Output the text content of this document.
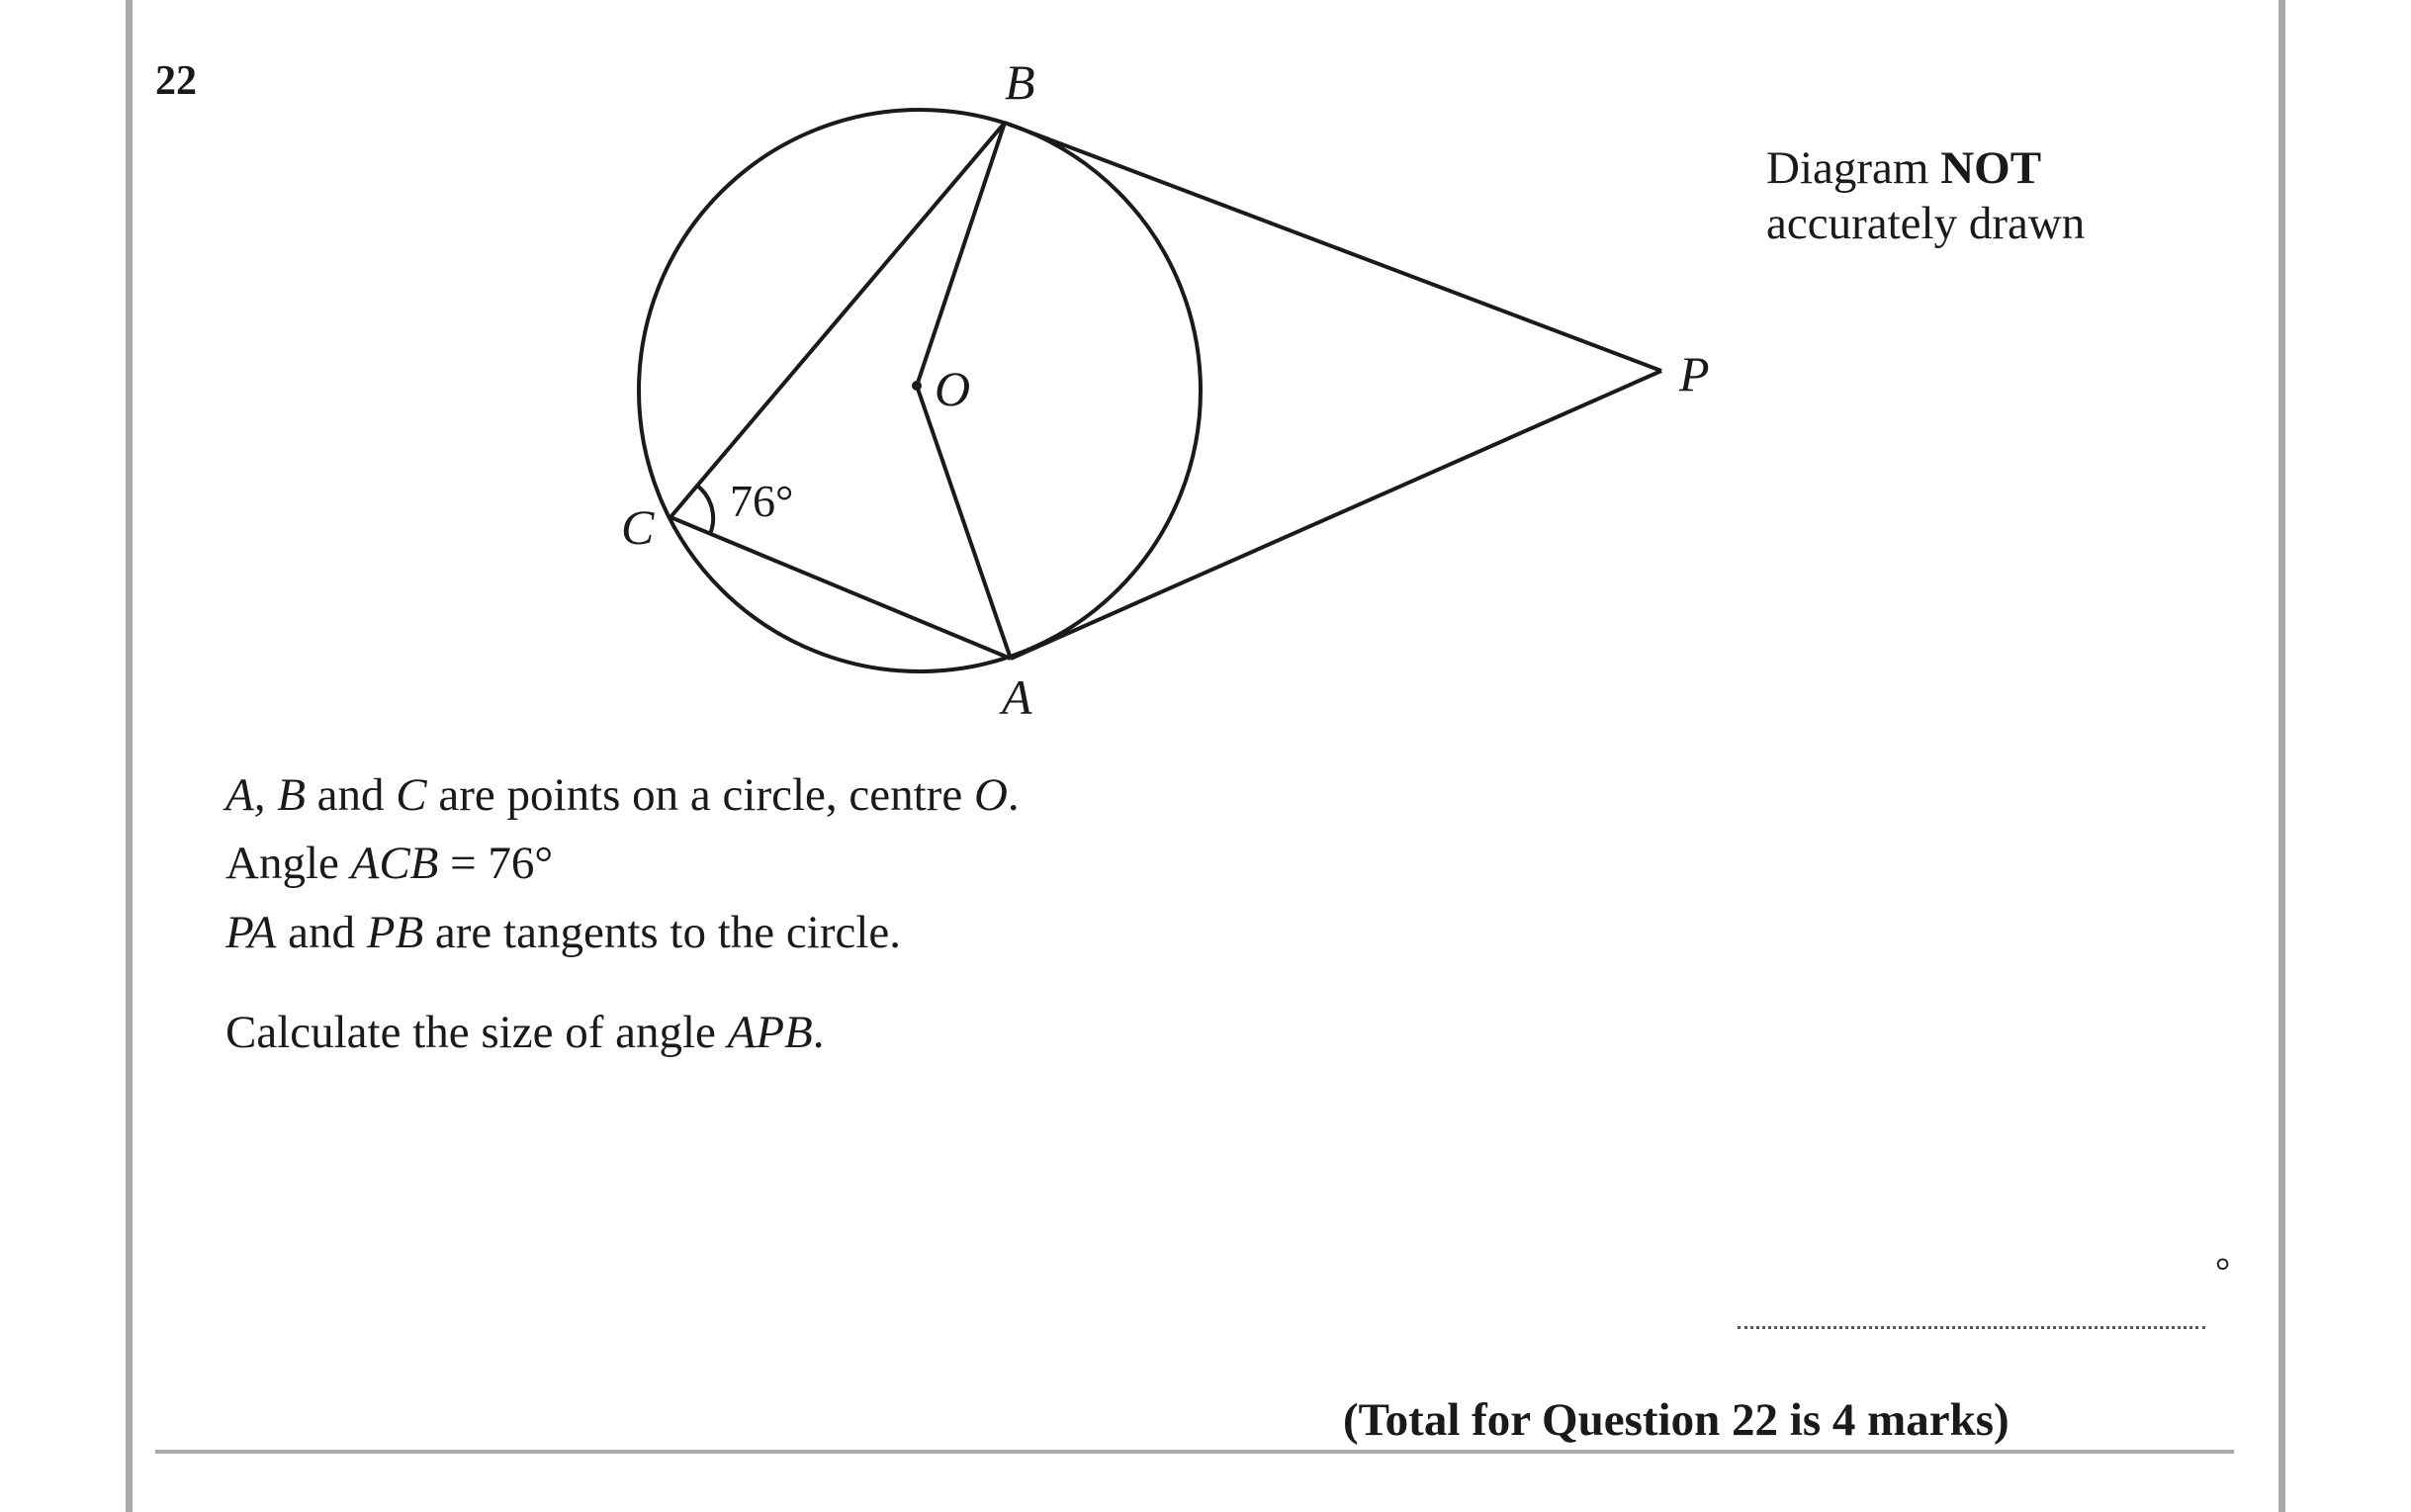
22	B
O	P
C
A
76°
Diagram NOT
accurately drawn
A, B and C are points on a circle, centre O.
Angle ACB = 76°
PA and PB are tangents to the circle.
Calculate the size of angle APB.
°
(Total for Question 22 is 4 marks)
